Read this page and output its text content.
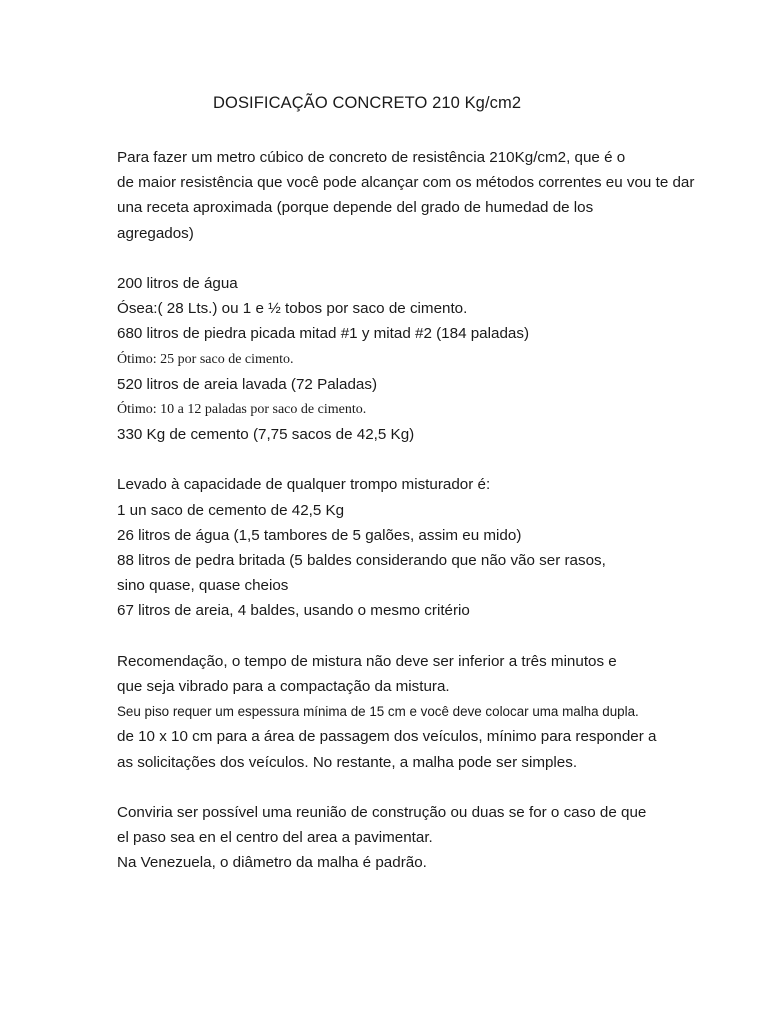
DOSIFICAÇÃO CONCRETO 210 Kg/cm2
Para fazer um metro cúbico de concreto de resistência 210Kg/cm2, que é o
de maior resistência que você pode alcançar com os métodos correntes eu vou te dar
una receta aproximada (porque depende del grado de humedad de los
agregados)
200 litros de água
Ósea:( 28 Lts.) ou 1 e ½ tobos por saco de cimento.
680 litros de piedra picada mitad #1 y mitad #2 (184 paladas)
Ótimo: 25 por saco de cimento.
520 litros de areia lavada (72 Paladas)
Ótimo: 10 a 12 paladas por saco de cimento.
330 Kg de cemento (7,75 sacos de 42,5 Kg)
Levado à capacidade de qualquer trompo misturador é:
1 un saco de cemento de 42,5 Kg
26 litros de água (1,5 tambores de 5 galões, assim eu mido)
88 litros de pedra britada (5 baldes considerando que não vão ser rasos,
sino quase, quase cheios
67 litros de areia, 4 baldes, usando o mesmo critério
Recomendação, o tempo de mistura não deve ser inferior a três minutos e
que seja vibrado para a compactação da mistura.
Seu piso requer um espessura mínima de 15 cm e você deve colocar uma malha dupla.
de 10 x 10 cm para a área de passagem dos veículos, mínimo para responder a
as solicitações dos veículos. No restante, a malha pode ser simples.
Conviria ser possível uma reunião de construção ou duas se for o caso de que
el paso sea en el centro del area a pavimentar.
Na Venezuela, o diâmetro da malha é padrão.
